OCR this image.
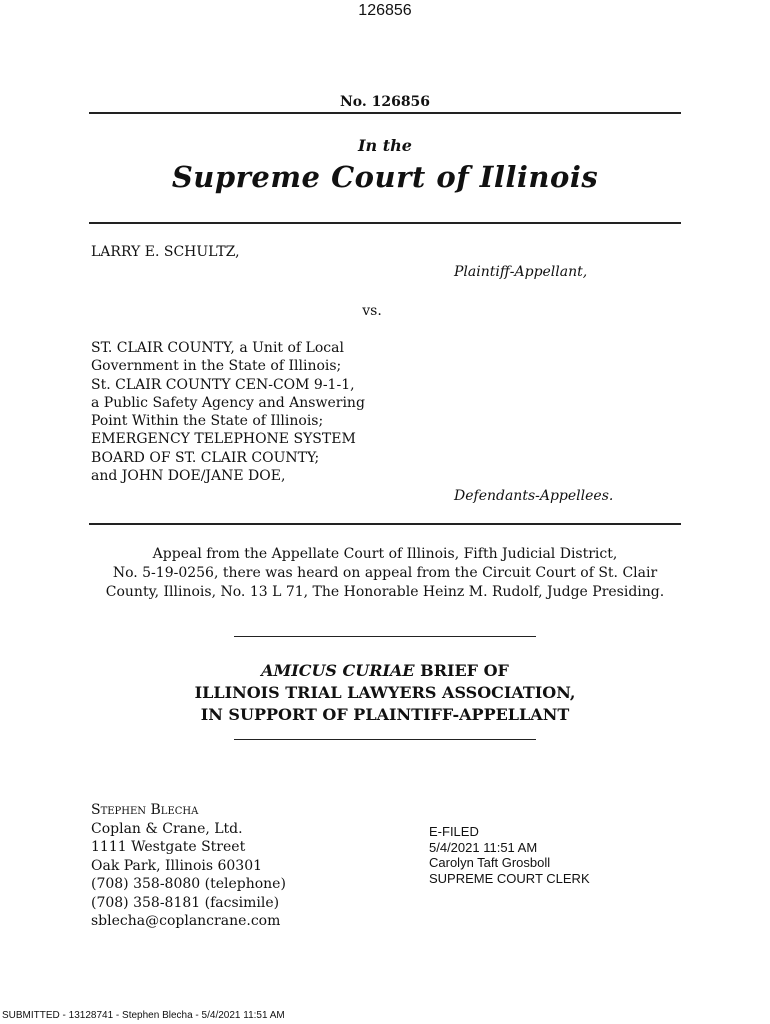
126856
No. 126856
In the
Supreme Court of Illinois
LARRY E. SCHULTZ,
Plaintiff-Appellant,
vs.
ST. CLAIR COUNTY, a Unit of Local
Government in the State of Illinois;
St. CLAIR COUNTY CEN-COM 9-1-1,
a Public Safety Agency and Answering
Point Within the State of Illinois;
EMERGENCY TELEPHONE SYSTEM
BOARD OF ST. CLAIR COUNTY;
and JOHN DOE/JANE DOE,
Defendants-Appellees.
Appeal from the Appellate Court of Illinois, Fifth Judicial District,
No. 5-19-0256, there was heard on appeal from the Circuit Court of St. Clair
County, Illinois, No. 13 L 71, The Honorable Heinz M. Rudolf, Judge Presiding.
AMICUS CURIAE BRIEF OF
ILLINOIS TRIAL LAWYERS ASSOCIATION,
IN SUPPORT OF PLAINTIFF-APPELLANT
Stephen Blecha
Coplan & Crane, Ltd.
1111 Westgate Street
Oak Park, Illinois 60301
(708) 358-8080 (telephone)
(708) 358-8181 (facsimile)
sblecha@coplancrane.com
E-FILED
5/4/2021 11:51 AM
Carolyn Taft Grosboll
SUPREME COURT CLERK
SUBMITTED - 13128741 - Stephen Blecha - 5/4/2021 11:51 AM
